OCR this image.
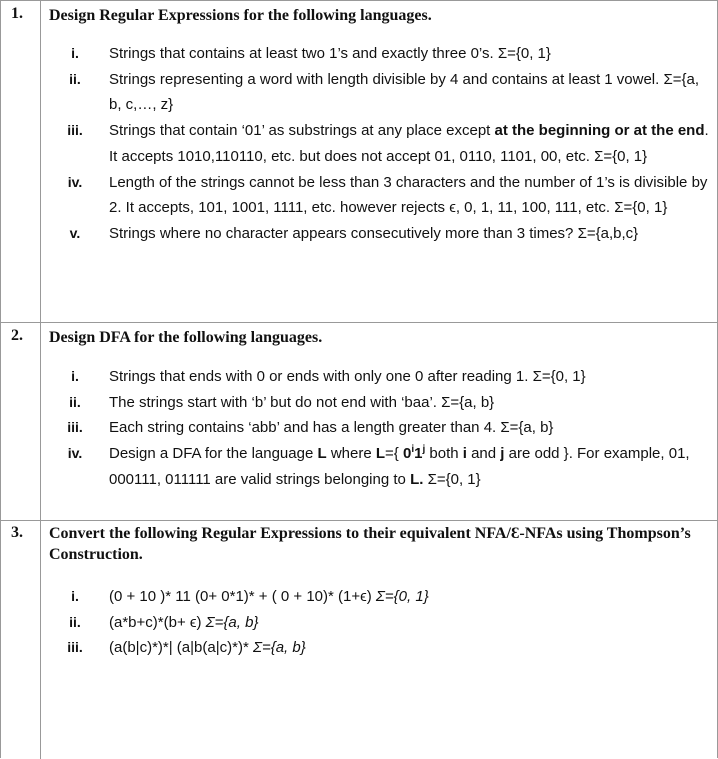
1. Design Regular Expressions for the following languages.
i.	Strings that contains at least two 1’s and exactly three 0’s. Σ={0, 1}
ii.	Strings representing a word with length divisible by 4 and contains at least 1 vowel. Σ={a, b, c,…, z}
iii. Strings that contain ‘01’ as substrings at any place except at the beginning or at the end. It accepts 1010,110110, etc. but does not accept 01, 0110, 1101, 00, etc. Σ={0, 1}
iv.	Length of the strings cannot be less than 3 characters and the number of 1’s is divisible by 2. It accepts, 101, 1001, 1111, etc. however rejects ϵ, 0, 1, 11, 100, 111, etc. Σ={0, 1}
v.	Strings where no character appears consecutively more than 3 times? Σ={a,b,c}
2. Design DFA for the following languages.
i.	Strings that ends with 0 or ends with only one 0 after reading 1. Σ={0, 1}
ii.	The strings start with ‘b’ but do not end with ‘baa’. Σ={a, b}
iii. Each string contains ‘abb’ and has a length greater than 4. Σ={a, b}
iv.	Design a DFA for the language L where L={ 0$^i$1$^j$ both i and j are odd }. For example, 01, 000111, 011111 are valid strings belonging to L. Σ={0, 1}
3. Convert the following Regular Expressions to their equivalent NFA/Ɛ-NFAs using Thompson’s Construction.
i.	(0 + 10 )* 11 (0+ 0*1)* + ( 0 + 10)* (1+ϵ) Σ={0, 1}
ii.	(a*b+c)*(b+ ϵ) Σ={a, b}
iii. (a(b|c)*)*| (a|b(a|c)*)* Σ={a, b}
